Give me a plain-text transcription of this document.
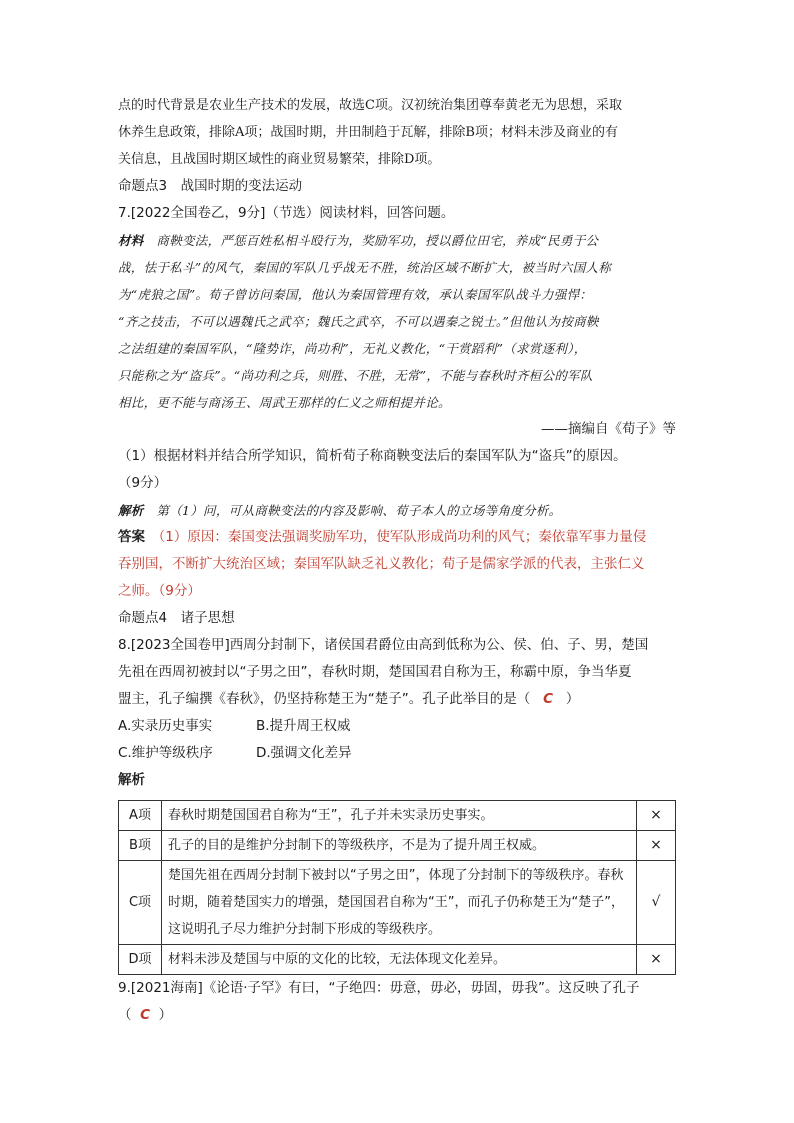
点的时代背景是农业生产技术的发展，故选C项。汉初统治集团尊奉黄老无为思想，采取

休养生息政策，排除A项；战国时期，井田制趋于瓦解，排除B项；材料未涉及商业的有

关信息，且战国时期区域性的商业贸易繁荣，排除D项。

命题点3　战国时期的变法运动

7.[2022全国卷乙，9分]（节选）阅读材料，回答问题。

材料　商鞅变法，严惩百姓私相斗殴行为，奖励军功，授以爵位田宅，养成“民勇于公

战，怯于私斗”的风气，秦国的军队几乎战无不胜，统治区域不断扩大，被当时六国人称

为“虎狼之国”。荀子曾访问秦国，他认为秦国管理有效，承认秦国军队战斗力强悍：

“齐之技击，不可以遇魏氏之武卒；魏氏之武卒，不可以遇秦之锐士。”但他认为按商鞅

之法组建的秦国军队，“隆势诈，尚功利”，无礼义教化，“干赏蹈利”（求赏逐利），

只能称之为“盗兵”。“尚功利之兵，则胜、不胜，无常”，不能与春秋时齐桓公的军队

相比，更不能与商汤王、周武王那样的仁义之师相提并论。

——摘编自《荀子》等

（1）根据材料并结合所学知识，简析荀子称商鞅变法后的秦国军队为“盗兵”的原因。

（9分）

解析　第（1）问，可从商鞅变法的内容及影响、荀子本人的立场等角度分析。

答案　（1）原因：秦国变法强调奖励军功，使军队形成尚功利的风气；秦依靠军事力量侵

吞别国，不断扩大统治区域；秦国军队缺乏礼义教化；荀子是儒家学派的代表，主张仁义

之师。（9分）

命题点4　诸子思想

8.[2023全国卷甲]西周分封制下，诸侯国君爵位由高到低称为公、侯、伯、子、男，楚国

先祖在西周初被封以“子男之田”，春秋时期，楚国国君自称为王，称霸中原，争当华夏

盟主，孔子编撰《春秋》，仍坚持称楚王为“楚子”。孔子此举目的是（ C ）

A.实录历史事实	B.提升周王权威

C.维护等级秩序	D.强调文化差异

解析

A项	春秋时期楚国国君自称为“王”，孔子并未实录历史事实。	×
B项	孔子的目的是维护分封制下的等级秩序，不是为了提升周王权威。	×
C项	楚国先祖在西周分封制下被封以“子男之田”，体现了分封制下的等级秩序。春秋时期，随着楚国实力的增强，楚国国君自称为“王”，而孔子仍称楚王为“楚子”，这说明孔子尽力维护分封制下形成的等级秩序。	√
D项	材料未涉及楚国与中原的文化的比较，无法体现文化差异。	×

9.[2021海南]《论语·子罕》有曰，“子绝四：毋意，毋必，毋固，毋我”。这反映了孔子

（ C ）
